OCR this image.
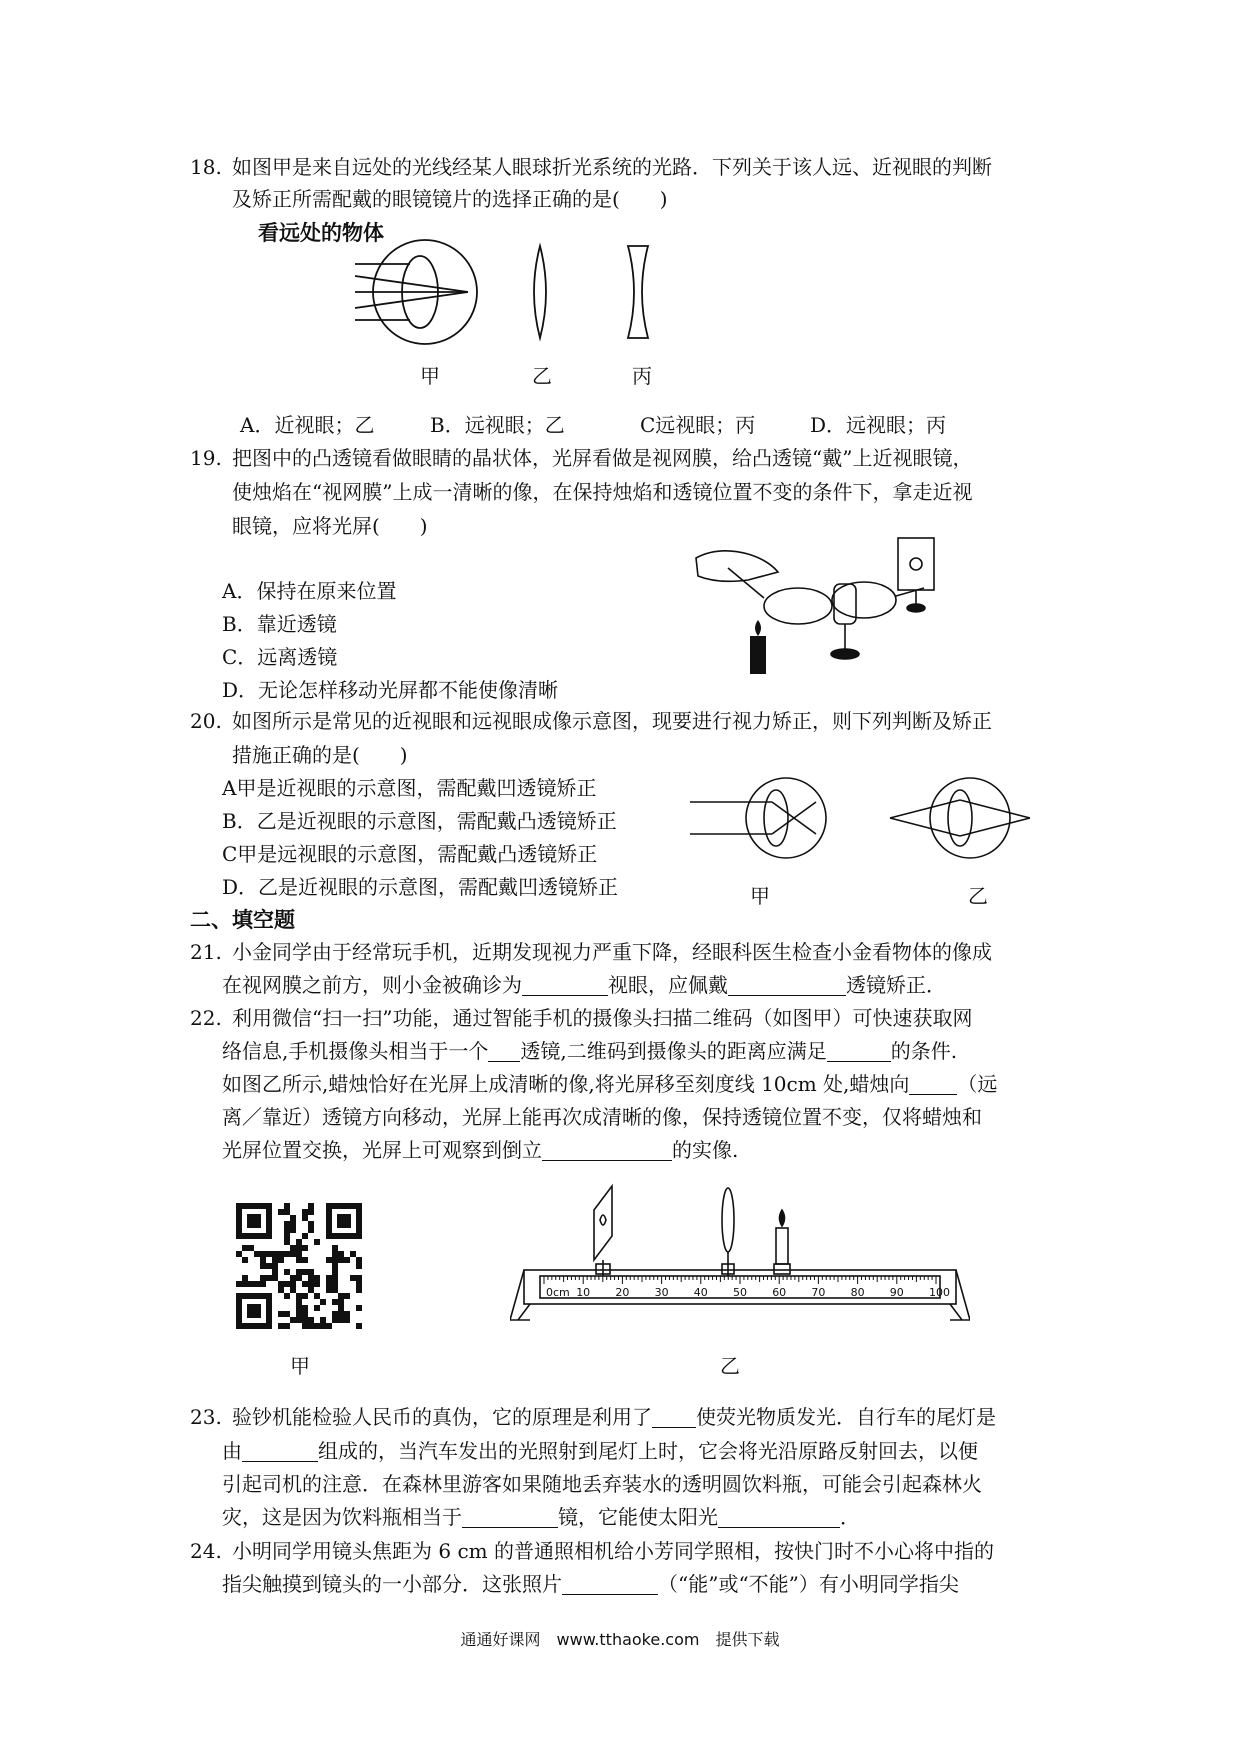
18. 如图甲是来自远处的光线经某人眼球折光系统的光路．下列关于该人远、近视眼的判断
及矫正所需配戴的眼镜镜片的选择正确的是(　　)
看远处的物体
甲	乙	丙
A．近视眼；乙	B．远视眼；乙	C远视眼；丙	D．远视眼；丙
19. 把图中的凸透镜看做眼睛的晶状体，光屏看做是视网膜，给凸透镜“戴”上近视眼镜，
使烛焰在“视网膜”上成一清晰的像，在保持烛焰和透镜位置不变的条件下，拿走近视
眼镜，应将光屏(　　)
A．保持在原来位置
B．靠近透镜
C．远离透镜
D．无论怎样移动光屏都不能使像清晰
20. 如图所示是常见的近视眼和远视眼成像示意图，现要进行视力矫正，则下列判断及矫正
措施正确的是(　　)
A甲是近视眼的示意图，需配戴凹透镜矫正
B．乙是近视眼的示意图，需配戴凸透镜矫正
C甲是远视眼的示意图，需配戴凸透镜矫正
D．乙是近视眼的示意图，需配戴凹透镜矫正	甲	乙
二、填空题
21. 小金同学由于经常玩手机，近期发现视力严重下降，经眼科医生检查小金看物体的像成
在视网膜之前方，则小金被确诊为	视眼，应佩戴	透镜矫正．
22. 利用微信“扫一扫”功能，通过智能手机的摄像头扫描二维码（如图甲）可快速获取网
络信息,手机摄像头相当于一个 透镜,二维码到摄像头的距离应满足	的条件.
如图乙所示,蜡烛恰好在光屏上成清晰的像,将光屏移至刻度线 10cm 处,蜡烛向 （远
离／靠近）透镜方向移动，光屏上能再次成清晰的像，保持透镜位置不变，仅将蜡烛和
光屏位置交换，光屏上可观察到倒立	的实像.
甲
0cm 10 20 30 40 50 60 70 80 90 100
乙
23. 验钞机能检验人民币的真伪，它的原理是利用了 使荧光物质发光．自行车的尾灯是
由	组成的，当汽车发出的光照射到尾灯上时，它会将光沿原路反射回去，以便
引起司机的注意．在森林里游客如果随地丢弃装水的透明圆饮料瓶，可能会引起森林火
灾，这是因为饮料瓶相当于	镜，它能使太阳光	．
24. 小明同学用镜头焦距为 6 cm 的普通照相机给小芳同学照相，按快门时不小心将中指的
指尖触摸到镜头的一小部分．这张照片	（“能”或“不能”）有小明同学指尖
通通好课网　www.tthaoke.com　提供下载
